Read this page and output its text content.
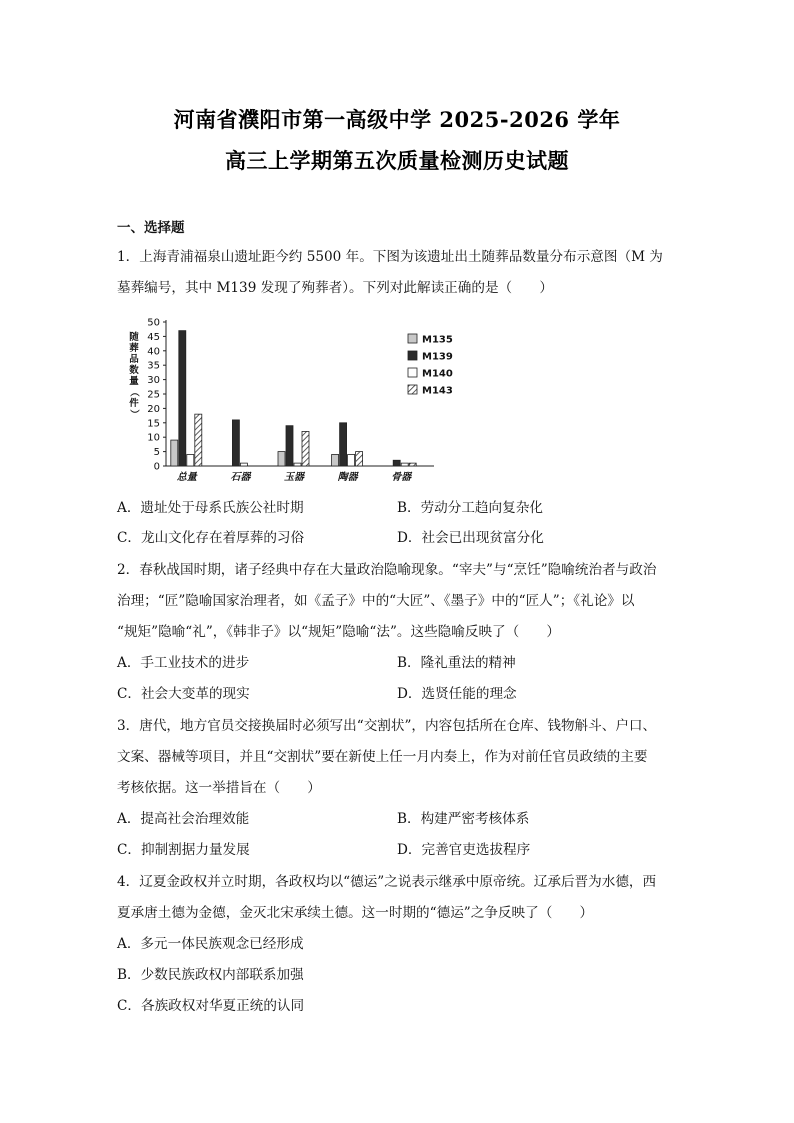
河南省濮阳市第一高级中学 2025-2026 学年
高三上学期第五次质量检测历史试题
一、选择题
1．上海青浦福泉山遗址距今约 5500 年。下图为该遗址出土随葬品数量分布示意图（M 为
墓葬编号，其中 M139 发现了殉葬者）。下列对此解读正确的是（　　）
0
5
10
15
20
25
30
35
40
45
50
随
葬
品
数
量
（
件
）
总量	石器	玉器	陶器	骨器
M135
M139
M140
M143
A．遗址处于母系氏族公社时期	B．劳动分工趋向复杂化
C．龙山文化存在着厚葬的习俗	D．社会已出现贫富分化
2．春秋战国时期，诸子经典中存在大量政治隐喻现象。“宰夫”与“烹饪”隐喻统治者与政治
治理；“匠”隐喻国家治理者，如《孟子》中的“大匠”、《墨子》中的“匠人”；《礼论》以
“规矩”隐喻“礼”，《韩非子》以“规矩”隐喻“法”。这些隐喻反映了（　　）
A．手工业技术的进步	B．隆礼重法的精神
C．社会大变革的现实	D．选贤任能的理念
3．唐代，地方官员交接换届时必须写出“交割状”，内容包括所在仓库、钱物斛斗、户口、
文案、器械等项目，并且“交割状”要在新使上任一月内奏上，作为对前任官员政绩的主要
考核依据。这一举措旨在（　　）
A．提高社会治理效能	B．构建严密考核体系
C．抑制割据力量发展	D．完善官吏选拔程序
4．辽夏金政权并立时期，各政权均以“德运”之说表示继承中原帝统。辽承后晋为水德，西
夏承唐土德为金德，金灭北宋承续土德。这一时期的“德运”之争反映了（　　）
A．多元一体民族观念已经形成
B．少数民族政权内部联系加强
C．各族政权对华夏正统的认同
